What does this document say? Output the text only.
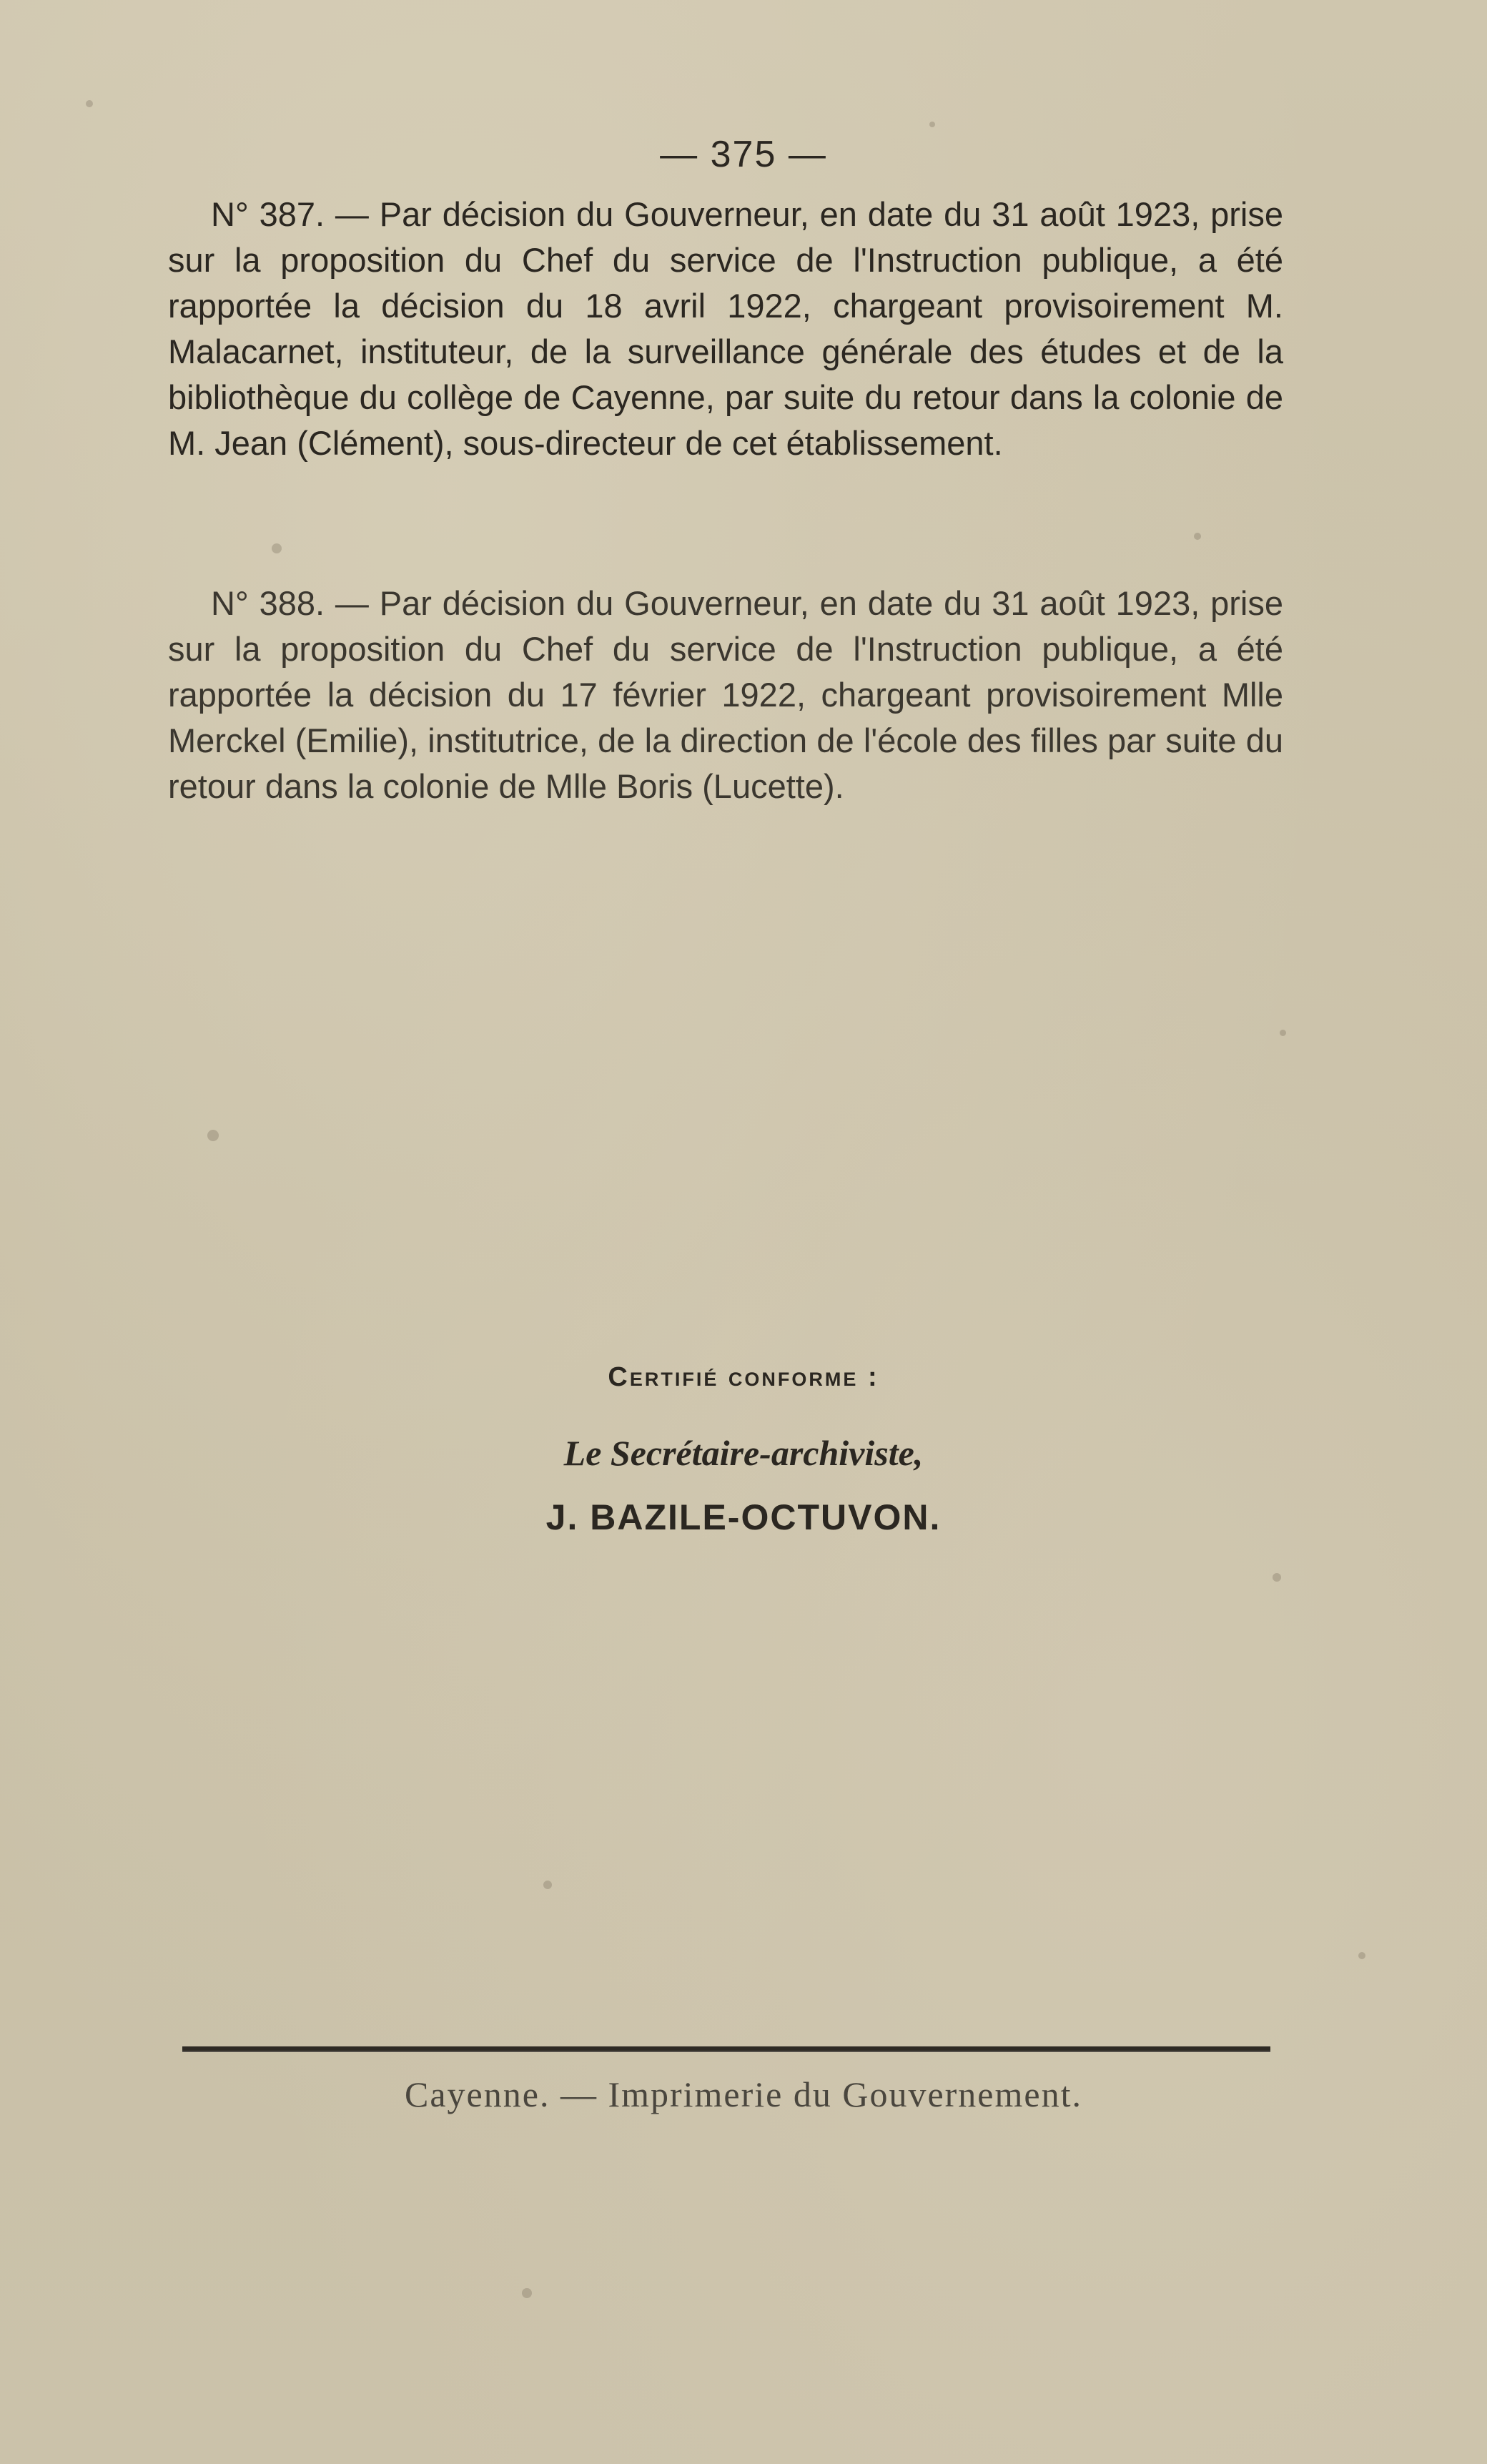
— 375 —
N° 387. — Par décision du Gouverneur, en date du 31 août 1923, prise sur la proposition du Chef du service de l'Instruction publique, a été rapportée la décision du 18 avril 1922, chargeant provisoirement M. Malacarnet, instituteur, de la surveillance générale des études et de la bibliothèque du collège de Cayenne, par suite du retour dans la colonie de M. Jean (Clément), sous-directeur de cet établissement.
N° 388. — Par décision du Gouverneur, en date du 31 août 1923, prise sur la proposition du Chef du service de l'Instruction publique, a été rapportée la décision du 17 février 1922, chargeant provisoirement Mlle Merckel (Emilie), institutrice, de la direction de l'école des filles par suite du retour dans la colonie de Mlle Boris (Lucette).
Certifié conforme :
Le Secrétaire-archiviste,
J. BAZILE-OCTUVON.
Cayenne. — Imprimerie du Gouvernement.
